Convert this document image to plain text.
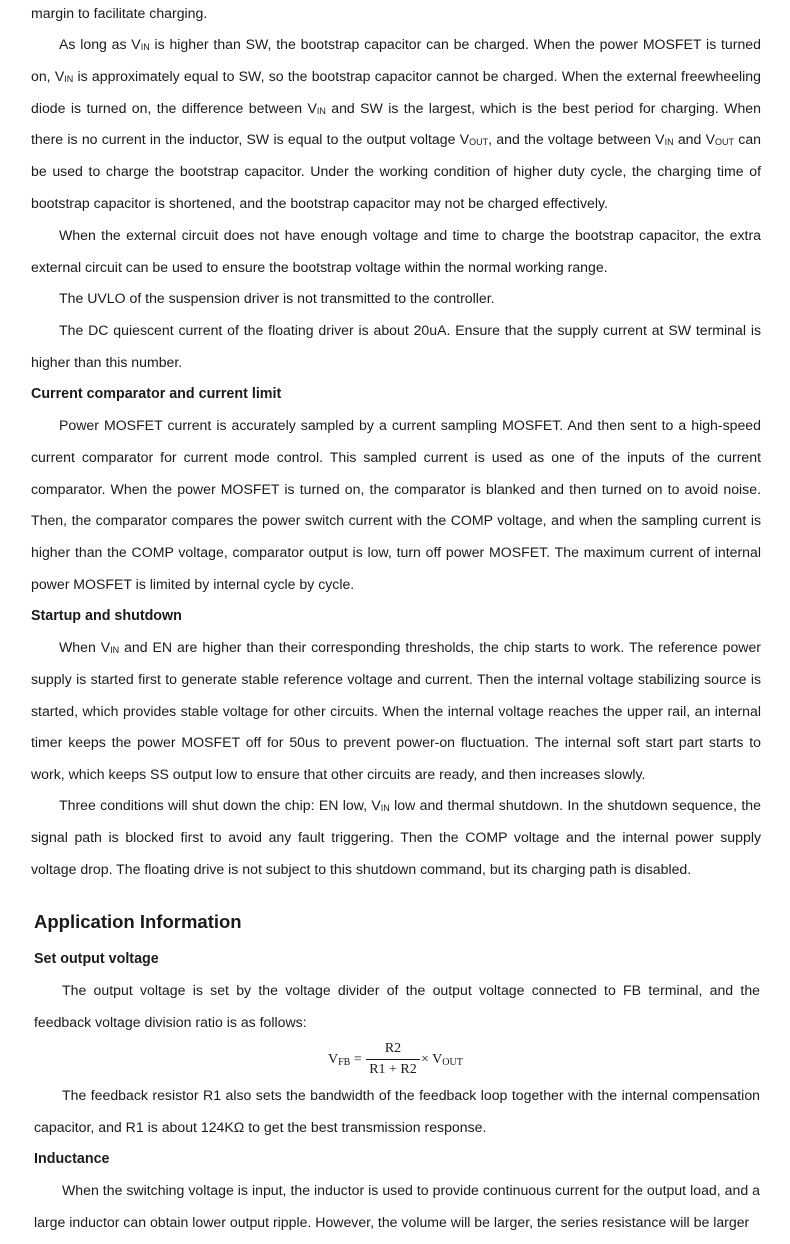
margin to facilitate charging.

As long as $V_{IN}$ is higher than SW, the bootstrap capacitor can be charged. When the power MOSFET is turned on, $V_{IN}$ is approximately equal to SW, so the bootstrap capacitor cannot be charged. When the external freewheeling diode is turned on, the difference between $V_{IN}$ and SW is the largest, which is the best period for charging. When there is no current in the inductor, SW is equal to the output voltage $V_{OUT}$, and the voltage between $V_{IN}$ and $V_{OUT}$ can be used to charge the bootstrap capacitor. Under the working condition of higher duty cycle, the charging time of bootstrap capacitor is shortened, and the bootstrap capacitor may not be charged effectively.

When the external circuit does not have enough voltage and time to charge the bootstrap capacitor, the extra external circuit can be used to ensure the bootstrap voltage within the normal working range.

The UVLO of the suspension driver is not transmitted to the controller.

The DC quiescent current of the floating driver is about 20uA. Ensure that the supply current at SW terminal is higher than this number.

Current comparator and current limit

Power MOSFET current is accurately sampled by a current sampling MOSFET. And then sent to a high-speed current comparator for current mode control. This sampled current is used as one of the inputs of the current comparator. When the power MOSFET is turned on, the comparator is blanked and then turned on to avoid noise. Then, the comparator compares the power switch current with the COMP voltage, and when the sampling current is higher than the COMP voltage, comparator output is low, turn off power MOSFET. The maximum current of internal power MOSFET is limited by internal cycle by cycle.

Startup and shutdown

When $V_{IN}$ and EN are higher than their corresponding thresholds, the chip starts to work. The reference power supply is started first to generate stable reference voltage and current. Then the internal voltage stabilizing source is started, which provides stable voltage for other circuits. When the internal voltage reaches the upper rail, an internal timer keeps the power MOSFET off for 50us to prevent power-on fluctuation. The internal soft start part starts to work, which keeps SS output low to ensure that other circuits are ready, and then increases slowly.

Three conditions will shut down the chip: EN low, $V_{IN}$ low and thermal shutdown. In the shutdown sequence, the signal path is blocked first to avoid any fault triggering. Then the COMP voltage and the internal power supply voltage drop. The floating drive is not subject to this shutdown command, but its charging path is disabled.

Application Information
Set output voltage

The output voltage is set by the voltage divider of the output voltage connected to FB terminal, and the feedback voltage division ratio is as follows:

VFB =
R2
R1 + R2
× VOUT

The feedback resistor R1 also sets the bandwidth of the feedback loop together with the internal compensation capacitor, and R1 is about 124KΩ to get the best transmission response.

Inductance

When the switching voltage is input, the inductor is used to provide continuous current for the output load, and a large inductor can obtain lower output ripple. However, the volume will be larger, the series resistance will be larger
